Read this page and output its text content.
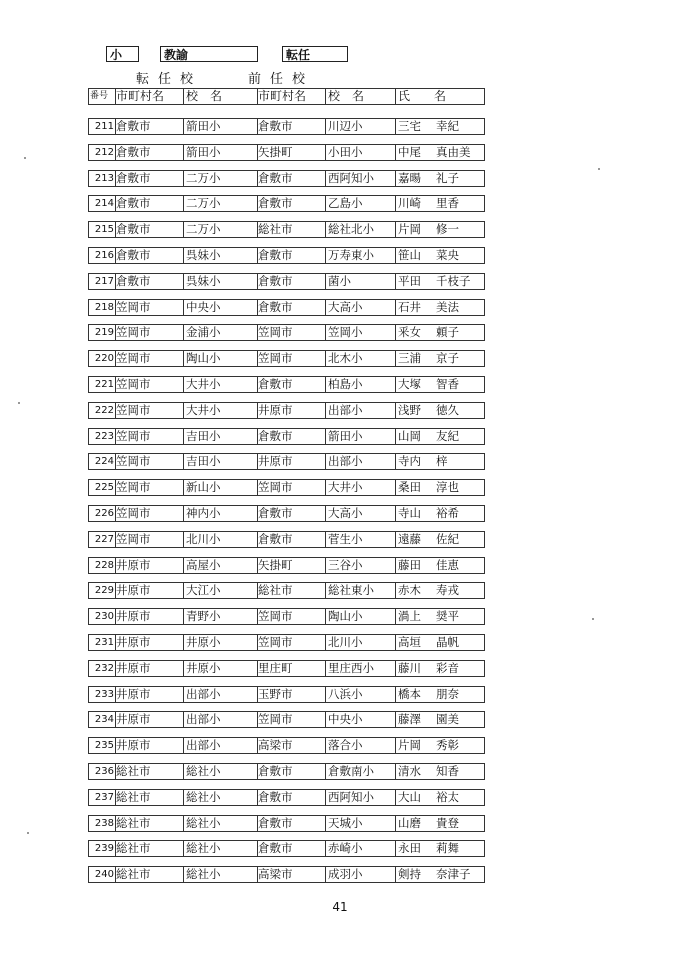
小	教諭	転任
転任校	前任校
番号 市町村名	校　名	市町村名	校　名	氏　　名
211 倉敷市	箭田小	倉敷市	川辺小	三宅 幸紀
212 倉敷市	箭田小	矢掛町	小田小	中尾 真由美
213 倉敷市	二万小	倉敷市	西阿知小	嘉暘 礼子
214 倉敷市	二万小	倉敷市	乙島小	川崎 里香
215 倉敷市	二万小	総社市	総社北小	片岡 修一
216 倉敷市	呉妹小	倉敷市	万寿東小	笹山 菜央
217 倉敷市	呉妹小	倉敷市	菌小	平田 千枝子
218 笠岡市	中央小	倉敷市	大高小	石井 美法
219 笠岡市	金浦小	笠岡市	笠岡小	釆女 頼子
220 笠岡市	陶山小	笠岡市	北木小	三浦 京子
221 笠岡市	大井小	倉敷市	柏島小	大塚 智香
222 笠岡市	大井小	井原市	出部小	浅野 徳久
223 笠岡市	吉田小	倉敷市	箭田小	山岡 友紀
224 笠岡市	吉田小	井原市	出部小	寺内 梓
225 笠岡市	新山小	笠岡市	大井小	桑田 淳也
226 笠岡市	神内小	倉敷市	大高小	寺山 裕希
227 笠岡市	北川小	倉敷市	菅生小	遠藤 佐紀
228 井原市	高屋小	矢掛町	三谷小	藤田 佳恵
229 井原市	大江小	総社市	総社東小	赤木 寿戎
230 井原市	青野小	笠岡市	陶山小	渦上 奨平
231 井原市	井原小	笠岡市	北川小	高垣 晶帆
232 井原市	井原小	里庄町	里庄西小	藤川 彩音
233 井原市	出部小	玉野市	八浜小	橋本 朋奈
234 井原市	出部小	笠岡市	中央小	藤澤 園美
235 井原市	出部小	高梁市	落合小	片岡 秀彰
236 総社市	総社小	倉敷市	倉敷南小	清水 知香
237 総社市	総社小	倉敷市	西阿知小	大山 裕太
238 総社市	総社小	倉敷市	天城小	山磨 貴登
239 総社市	総社小	倉敷市	赤崎小	永田 莉舞
240 総社市	総社小	高梁市	成羽小	剣持 奈津子
41
